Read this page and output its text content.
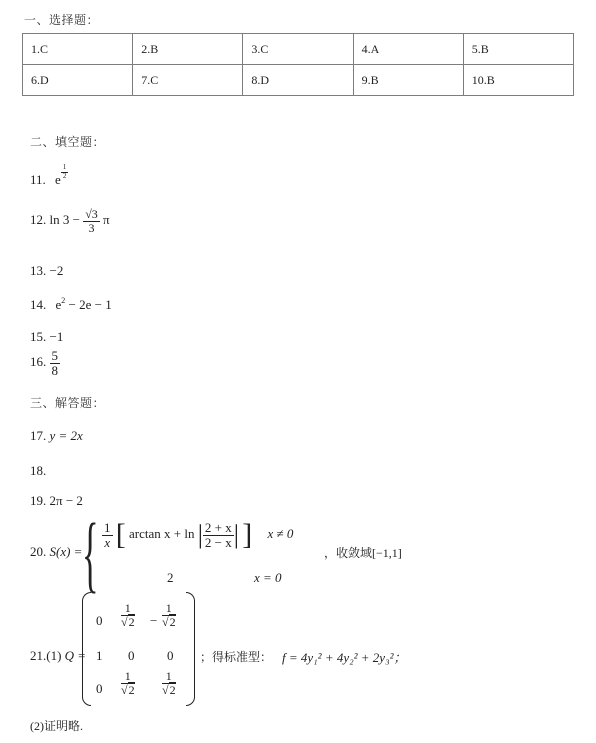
一、选择题：
1.C	2.B	3.C	4.A	5.B
6.D	7.C	8.D	9.B	10.B
二、填空题：
11. e $\frac{1}{2}$
12. $\ln 3 - \frac{√3}{3}$ π
13. −2
14. $e^2 - 2e - 1$
15. −1
16. $\frac{5}{8}$
三、解答题：
17. y = 2x
18.
19. 2π − 2
20. S(x) = { $\frac{1}{x}$ [ arctan x + ln | $\frac{2 + x}{2 - x}$ | ] x ≠ 0
，收敛域[−1,1]
2	x = 0
21.(1) Q =
$0 \frac{1}{√2} - \frac{1}{√2}$
1 0	0
$0 \frac{1}{√2} \frac{1}{√2}$
；得标准型： f = 4y₁² + 4y₂² + 2y₃²；
(2)证明略.
